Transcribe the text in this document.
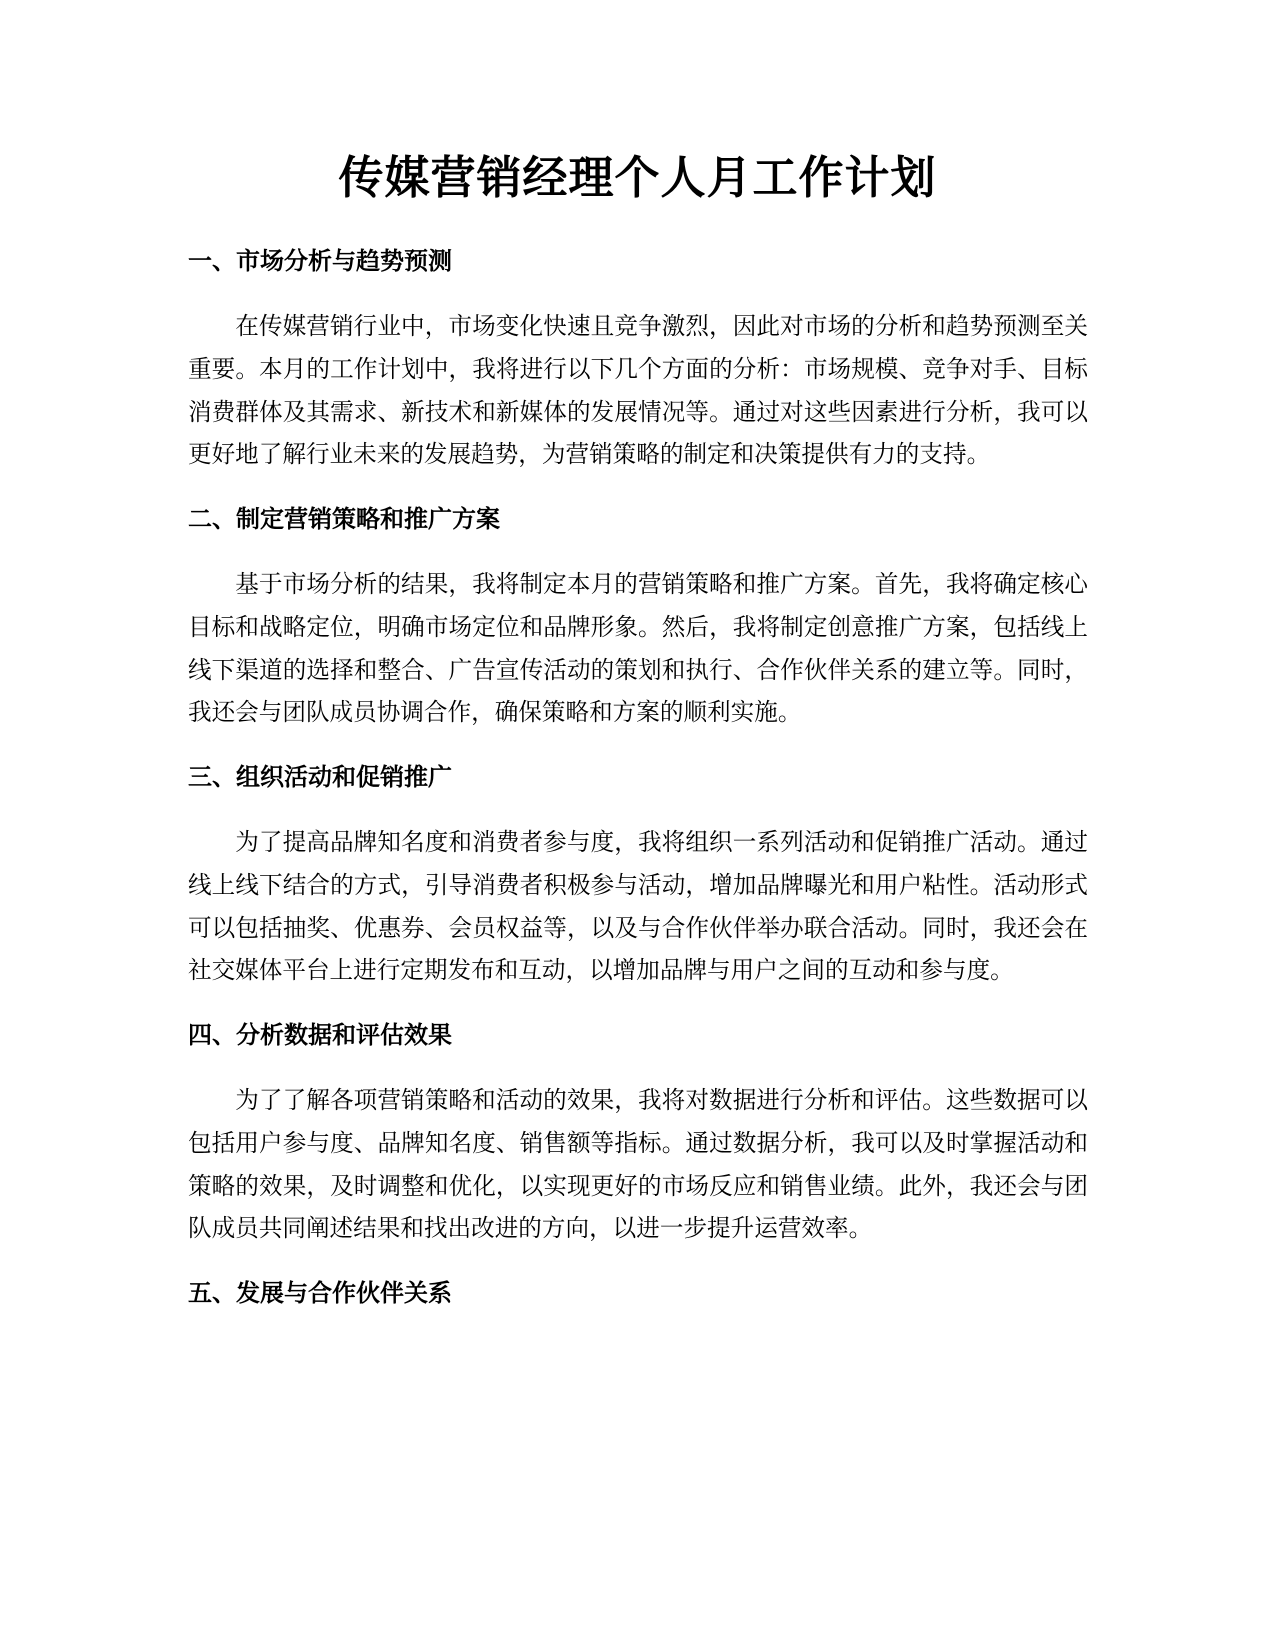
传媒营销经理个人月工作计划
一、市场分析与趋势预测

在传媒营销行业中，市场变化快速且竞争激烈，因此对市场的分析和趋势预测至关重要。本月的工作计划中，我将进行以下几个方面的分析：市场规模、竞争对手、目标消费群体及其需求、新技术和新媒体的发展情况等。通过对这些因素进行分析，我可以更好地了解行业未来的发展趋势，为营销策略的制定和决策提供有力的支持。

二、制定营销策略和推广方案

基于市场分析的结果，我将制定本月的营销策略和推广方案。首先，我将确定核心目标和战略定位，明确市场定位和品牌形象。然后，我将制定创意推广方案，包括线上线下渠道的选择和整合、广告宣传活动的策划和执行、合作伙伴关系的建立等。同时，我还会与团队成员协调合作，确保策略和方案的顺利实施。

三、组织活动和促销推广

为了提高品牌知名度和消费者参与度，我将组织一系列活动和促销推广活动。通过线上线下结合的方式，引导消费者积极参与活动，增加品牌曝光和用户粘性。活动形式可以包括抽奖、优惠券、会员权益等，以及与合作伙伴举办联合活动。同时，我还会在社交媒体平台上进行定期发布和互动，以增加品牌与用户之间的互动和参与度。

四、分析数据和评估效果

为了了解各项营销策略和活动的效果，我将对数据进行分析和评估。这些数据可以包括用户参与度、品牌知名度、销售额等指标。通过数据分析，我可以及时掌握活动和策略的效果，及时调整和优化，以实现更好的市场反应和销售业绩。此外，我还会与团队成员共同阐述结果和找出改进的方向，以进一步提升运营效率。

五、发展与合作伙伴关系
